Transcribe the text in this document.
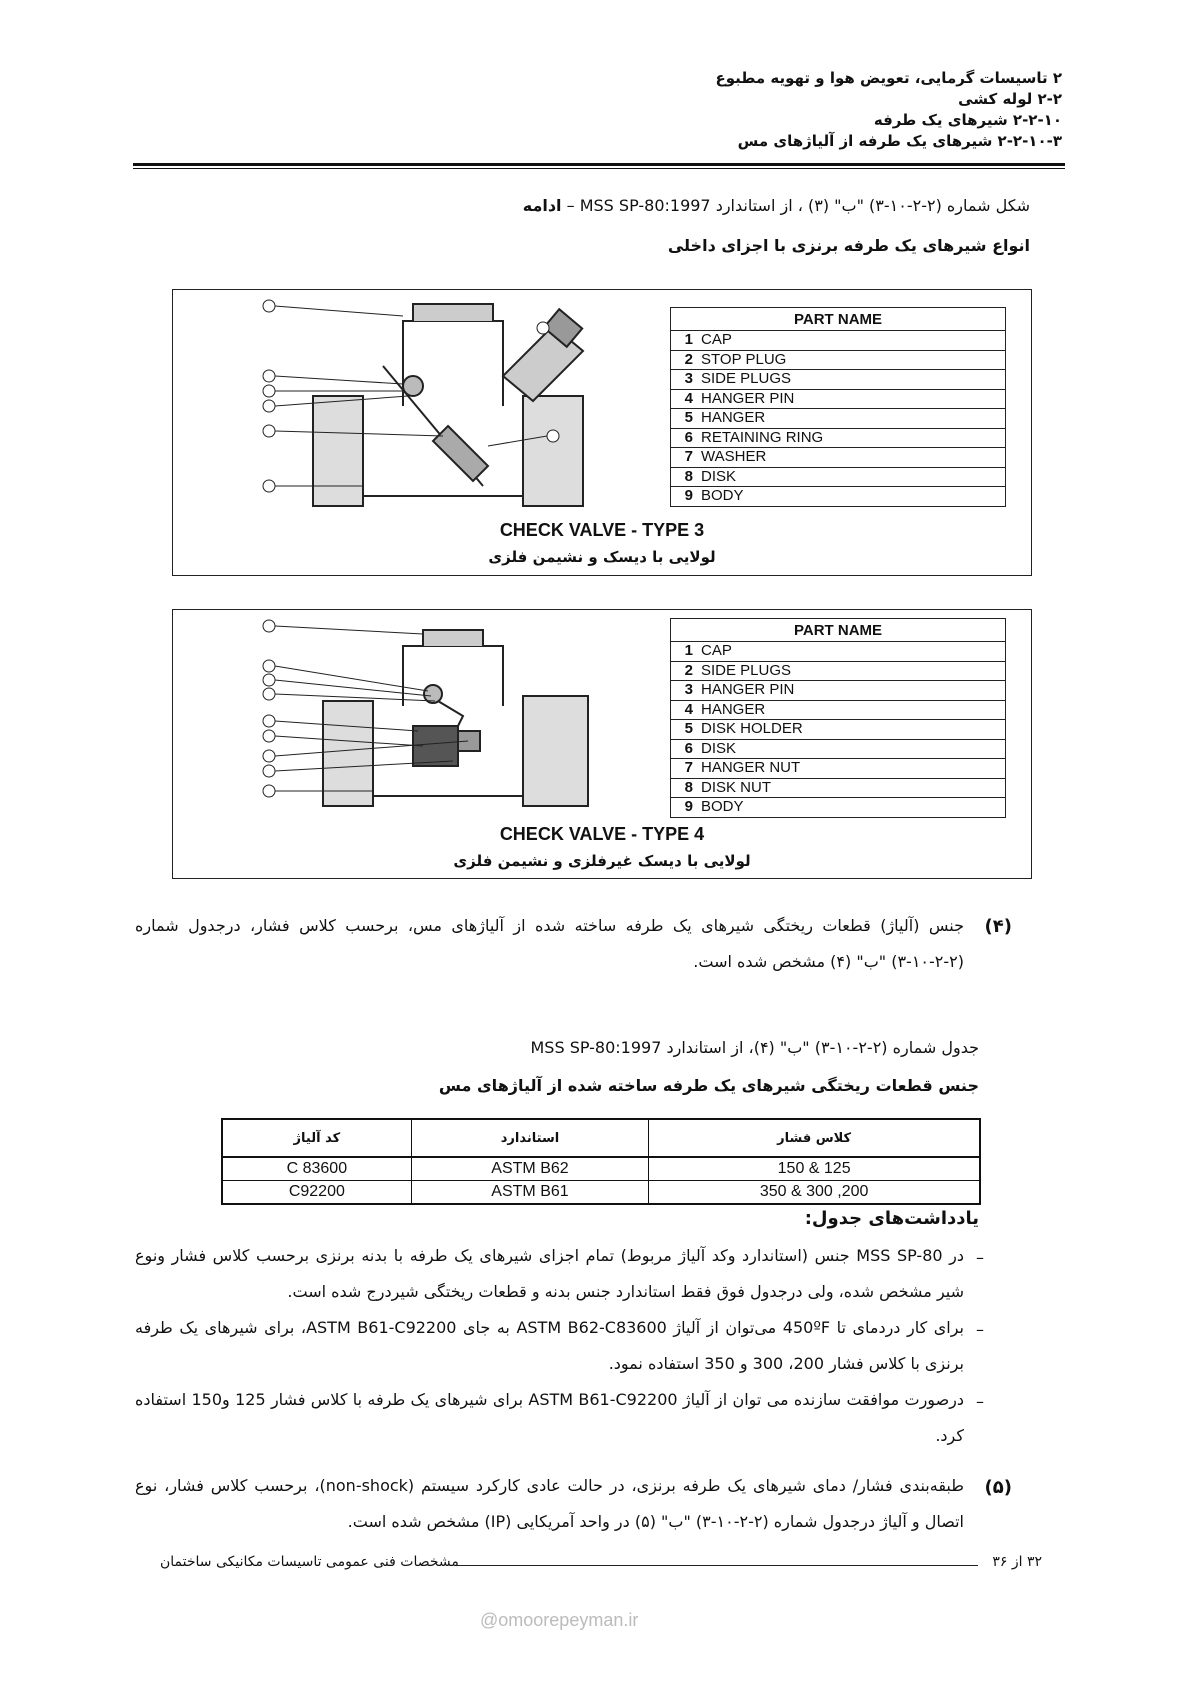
۲ تاسیسات گرمایی، تعویض هوا و تهویه مطبوع
۲-۲ لوله کشی
۲-۲-۱۰ شیرهای یک طرفه
۲-۲-۱۰-۳ شیرهای یک طرفه از آلیاژهای مس
شکل شماره (۲-۲-۱۰-۳) "ب" (۳) ، از استاندارد MSS SP-80:1997 – ادامه
انواع شیرهای یک طرفه برنزی با اجزای داخلی
PART NAME	
1	CAP
2	STOP PLUG
3	SIDE PLUGS
4	HANGER PIN
5	HANGER
6	RETAINING RING
7	WASHER
8	DISK
9	BODY
CHECK VALVE - TYPE 3
لولایی با دیسک و نشیمن فلزی
PART NAME	
1	CAP
2	SIDE PLUGS
3	HANGER PIN
4	HANGER
5	DISK HOLDER
6	DISK
7	HANGER NUT
8	DISK NUT
9	BODY
CHECK VALVE - TYPE 4
لولایی با دیسک غیرفلزی و نشیمن فلزی
(۴)
جنس (آلیاژ) قطعات ریختگی شیرهای یک طرفه ساخته شده از آلیاژهای مس، برحسب کلاس فشار، درجدول شماره (۲-۲-۱۰-۳) "ب" (۴) مشخص شده است.
جدول شماره (۲-۲-۱۰-۳) "ب" (۴)، از استاندارد MSS SP-80:1997
جنس قطعات ریختگی شیرهای یک طرفه ساخته شده از آلیاژهای مس
کلاس فشار	استاندارد	کد آلیاژ
125 & 150	ASTM B62	C 83600
200, 300 & 350	ASTM B61	C92200
یادداشت‌های جدول:
–
در MSS SP-80 جنس (استاندارد وکد آلیاژ مربوط) تمام اجزای شیرهای یک طرفه با بدنه برنزی برحسب کلاس فشار ونوع شیر مشخص شده، ولی درجدول فوق فقط استاندارد جنس بدنه و قطعات ریختگی شیردرج شده است.
–
برای کار دردمای تا 450ºF می‌توان از آلیاژ ASTM B62-C83600 به جای ASTM B61-C92200، برای شیرهای یک طرفه برنزی با کلاس فشار 200، 300 و 350 استفاده نمود.
–
درصورت موافقت سازنده می توان از آلیاژ ASTM B61-C92200 برای شیرهای یک طرفه با کلاس فشار 125 و150 استفاده کرد.
(۵)
طبقه‌بندی فشار/ دمای شیرهای یک طرفه برنزی، در حالت عادی کارکرد سیستم (non-shock)، برحسب کلاس فشار، نوع اتصال و آلیاژ درجدول شماره (۲-۲-۱۰-۳) "ب" (۵) در واحد آمریکایی (IP) مشخص شده است.
۳۲ از ۳۶
مشخصات فنی عمومی تاسیسات مکانیکی ساختمان
@omoorepeyman.ir
